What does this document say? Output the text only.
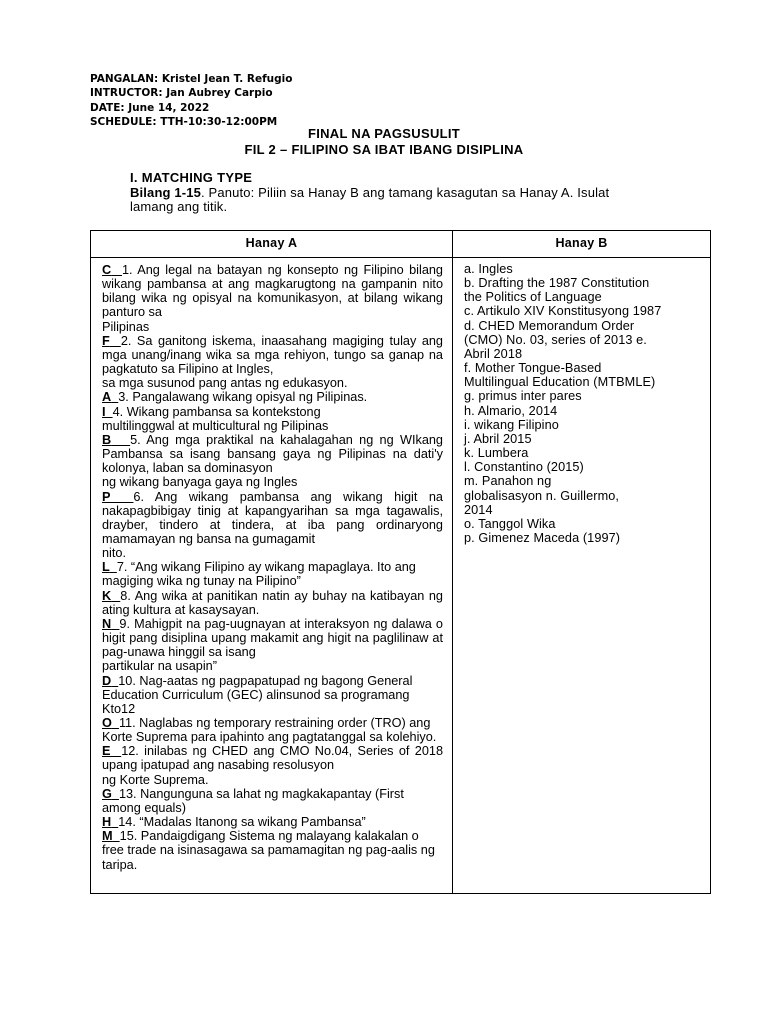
PANGALAN: Kristel Jean T. Refugio
INTRUCTOR: Jan Aubrey Carpio
DATE: June 14, 2022
SCHEDULE: TTH-10:30-12:00PM
FINAL NA PAGSUSULIT
FIL 2 – FILIPINO SA IBAT IBANG DISIPLINA
I. MATCHING TYPE
Bilang 1-15. Panuto: Piliin sa Hanay B ang tamang kasagutan sa Hanay A. Isulat
lamang ang titik.
Hanay A	Hanay B
C 1. Ang legal na batayan ng konsepto ng Filipino bilang wikang pambansa at ang magkarugtong na gampanin nito bilang wika ng opisyal na komunikasyon, at bilang wikang panturo sa
Pilipinas
F 2. Sa ganitong iskema, inaasahang magiging tulay ang mga unang/inang wika sa mga rehiyon, tungo sa ganap na pagkatuto sa Filipino at Ingles,
sa mga susunod pang antas ng edukasyon.
A 3. Pangalawang wikang opisyal ng Pilipinas.
I 4. Wikang pambansa sa kontekstong
multilinggwal at multicultural ng Pilipinas
B 5. Ang mga praktikal na kahalagahan ng ng WIkang Pambansa sa isang bansang gaya ng Pilipinas na dati'y kolonya, laban sa dominasyon
ng wikang banyaga gaya ng Ingles
P 6. Ang wikang pambansa ang wikang higit na nakapagbibigay tinig at kapangyarihan sa mga tagawalis, drayber, tindero at tindera, at iba pang ordinaryong mamamayan ng bansa na gumagamit
nito.
L 7. “Ang wikang Filipino ay wikang mapaglaya. Ito ang magiging wika ng tunay na Pilipino”
K 8. Ang wika at panitikan natin ay buhay na katibayan ng ating kultura at kasaysayan.
N 9. Mahigpit na pag-uugnayan at interaksyon ng dalawa o higit pang disiplina upang makamit ang higit na paglilinaw at pag-unawa hinggil sa isang
partikular na usapin”
D 10. Nag-aatas ng pagpapatupad ng bagong General Education Curriculum (GEC) alinsunod sa programang Kto12
O 11. Naglabas ng temporary restraining order (TRO) ang Korte Suprema para ipahinto ang pagtatanggal sa kolehiyo.
E 12. inilabas ng CHED ang CMO No.04, Series of 2018 upang ipatupad ang nasabing resolusyon
ng Korte Suprema.
G 13. Nangunguna sa lahat ng magkakapantay (First among equals)
H 14. “Madalas Itanong sa wikang Pambansa”
M 15. Pandaigdigang Sistema ng malayang kalakalan o free trade na isinasagawa sa pamamagitan ng pag-aalis ng taripa.
a. Ingles
b. Drafting the 1987 Constitution
the Politics of Language
c. Artikulo XIV Konstitusyong 1987
d. CHED Memorandum Order
(CMO) No. 03, series of 2013 e.
Abril 2018
f. Mother Tongue-Based
Multilingual Education (MTBMLE)
g. primus inter pares
h. Almario, 2014
i. wikang Filipino
j. Abril 2015
k. Lumbera
l. Constantino (2015)
m. Panahon ng
globalisasyon n. Guillermo,
2014
o. Tanggol Wika
p. Gimenez Maceda (1997)
